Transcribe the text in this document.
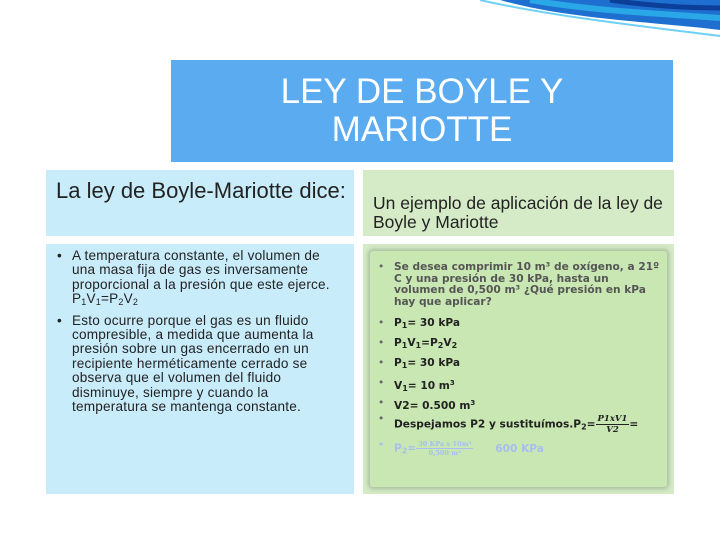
LEY DE BOYLE Y
MARIOTTE
La ley de Boyle-Mariotte dice:
• A temperatura constante, el volumen de una masa fija de gas es inversamente proporcional a la presión que este ejerce.
$P_1V_1=P_2V_2$
• Esto ocurre porque el gas es un fluido compresible, a medida que aumenta la presión sobre un gas encerrado en un recipiente herméticamente cerrado se observa que el volumen del fluido disminuye, siempre y cuando la temperatura se mantenga constante.
Un ejemplo de aplicación de la ley de Boyle y Mariotte
• Se desea comprimir 10 m³ de oxígeno, a 21º C y una presión de 30 kPa, hasta un volumen de 0,500 m³ ¿Qué presión en kPa hay que aplicar?
• $P_1= 30$ kPa
• $P_1V_1=P_2V_2$
• $P_1= 30$ kPa
• $V_1= 10$ $m^3$
• V2= 0.500 $m^3$
• Despejamos P2 y $sustituímos.P_2= \frac{P1xV1}{V2}$ =
• $P_2= \frac{\text{30 KPa x 10m³}}{\text{0,500 m³}} 600$ KPa
